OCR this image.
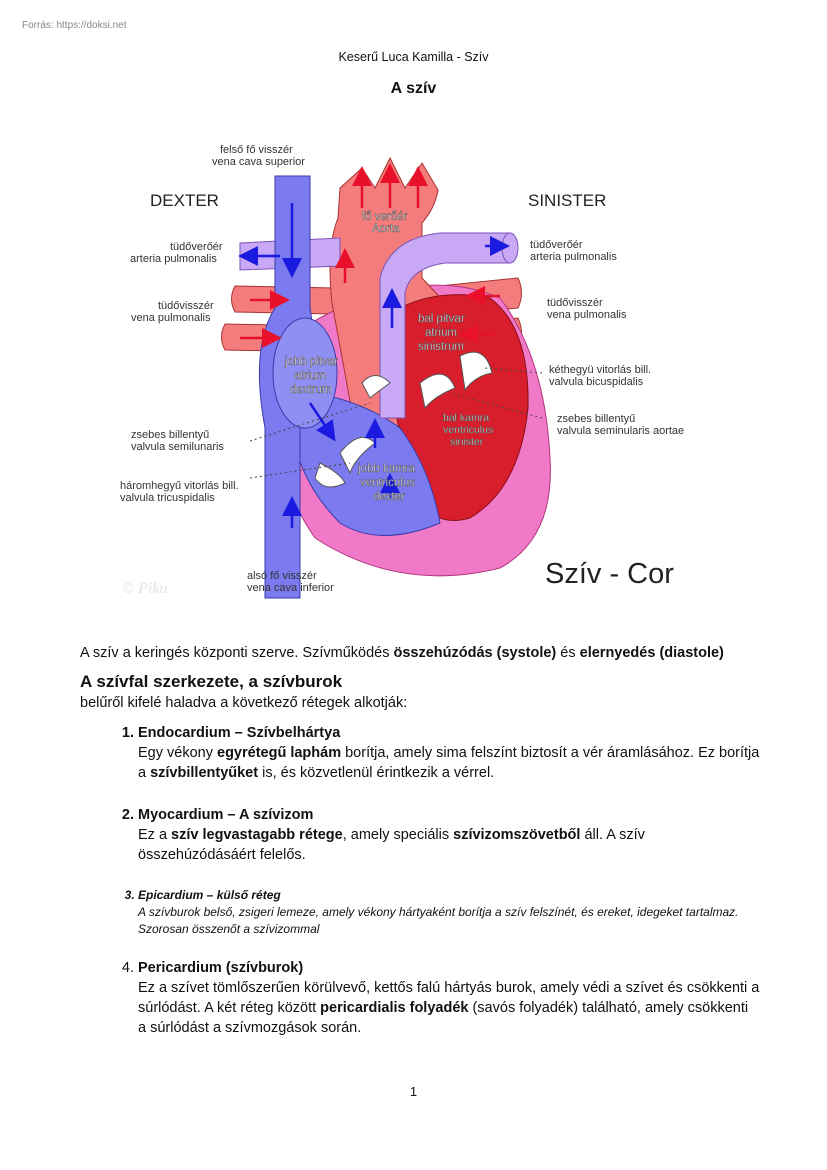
Forrás: https://doksi.net
Keserű Luca Kamilla - Szív
A szív
DEXTER	SINISTER
felső fő visszér
vena cava superior
tüdőverőér
arteria pulmonalis
tüdővisszér
vena pulmonalis
tüdőverőér
arteria pulmonalis
tüdővisszér
vena pulmonalis
kéthegyü vitorlás bill.
valvula bicuspidalis
zsebes billentyű
valvula seminularis aortae
zsebes billentyű
valvula semilunaris
háromhegyű vitorlás bill.
valvula tricuspidalis
alsó fő visszér
vena cava inferior
fő verőér
Aorta
bal pitvar
atrium
sinistrum
jobb pitvar
atrium
dextrum
bal kamra
ventriculus
sinister
jobb kamra
ventriculus
dexter
© Piku	Szív - Cor

A szív a keringés központi szerve. Szívműködés összehúzódás (systole) és elernyedés (diastole)

A szívfal szerkezete, a szívburok

belűről kifelé haladva a következő rétegek alkotják:

1. Endocardium – Szívbelhártya
Egy vékony egyrétegű laphám borítja, amely sima felszínt biztosít a vér áramlásához. Ez borítja a szívbillentyűket is, és közvetlenül érintkezik a vérrel.
2. Myocardium – A szívizom
Ez a szív legvastagabb rétege, amely speciális szívizomszövetből áll. A szív összehúzódásáért felelős.
3. Epicardium – külső réteg
A szívburok belső, zsigeri lemeze, amely vékony hártyaként borítja a szív felszínét, és ereket, idegeket tartalmaz. Szorosan összenőt a szívizommal
4. Pericardium (szívburok)
Ez a szívet tömlőszerűen körülvevő, kettős falú hártyás burok, amely védi a szívet és csökkenti a súrlódást. A két réteg között pericardialis folyadék (savós folyadék) található, amely csökkenti a súrlódást a szívmozgások során.
1
